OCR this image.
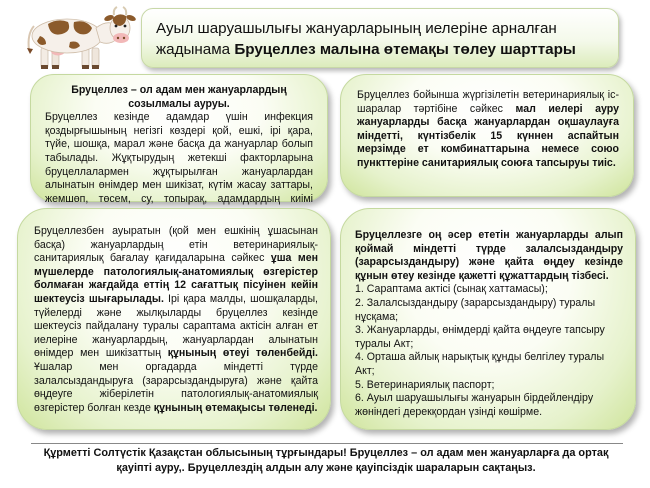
Ауыл шаруашылығы жануарларының иелеріне арналған
жадынама Бруцеллез малына өтемақы төлеу шарттары
Бруцеллез – ол адам мен жануарлардың созылмалы ауруы.
Бруцеллез кезінде адамдар үшін инфекция қоздырғышының негізгі көздері қой, ешкі, ірі қара, түйе, шошқа, марал және басқа да жануарлар болып табылады. Жұқтырудың жетекші факторларына бруцеллалармен жұқтырылған жануарлардан алынатын өнімдер мен шикізат, күтім жасау заттары, жемшөп, төсем, су, топырақ, адамдардың киімі
Бруцеллез бойынша жүргізілетін ветеринариялық іс-шаралар тәртібіне сәйкес мал иелері ауру жануарларды басқа жануарлардан оқшаулауға міндетті, күнтізбелік 15 күннен аспайтын мерзімде ет комбинаттарына немесе союо пункттеріне санитариялық союға тапсыруы тиіс.
Бруцеллезбен ауыратын (қой мен ешкінің ұшасынан басқа) жануарлардың етін ветеринариялық-санитариялық бағалау қағидаларына сәйкес ұша мен мүшелерде патологиялық-анатомиялық өзгерістер болмаған жағдайда еттің 12 сағаттық пісуінен кейін шектеусіз шығарылады. Ірі қара малды, шошқаларды, түйелерді және жылқыларды бруцеллез кезінде шектеусіз пайдалану туралы сараптама актісін алған ет иелеріне жануарлардың, жануарлардан алынатын өнімдер мен шикізаттың құнының өтеуі төленбейді. Ұшалар мен оргадарда міндетті түрде залалсыздандыруға (зарарсыздандыруға) және қайта өңдеуге жіберілетін патологиялық-анатомиялық өзгерістер болған кезде құнының өтемақысы төленеді.
Бруцеллезге оң әсер ететін жануарларды алып қоймай міндетті түрде залалсыздандыру (зарарсыздандыру) және қайта өңдеу кезінде құнын өтеу кезінде қажетті құжаттардың тізбесі.
1. Сараптама актісі (сынақ хаттамасы);
2. Залалсыздандыру (зарарсыздандыру) туралы нұсқама;
3. Жануарларды, өнімдерді қайта өңдеуге тапсыру туралы Акт;
4. Орташа айлық нарықтық құнды белгілеу туралы Акт;
5. Ветеринариялық паспорт;
6. Ауыл шаруашылығы жануарын бірдейлендіру жөніндегі дерекқордан үзінді көшірме.
Құрметті Солтүстік Қазақстан облысының тұрғындары! Бруцеллез – ол адам мен жануарларға да ортақ
қауіпті ауру,. Бруцеллездің алдын алу және қауіпсіздік шараларын сақтаңыз.
